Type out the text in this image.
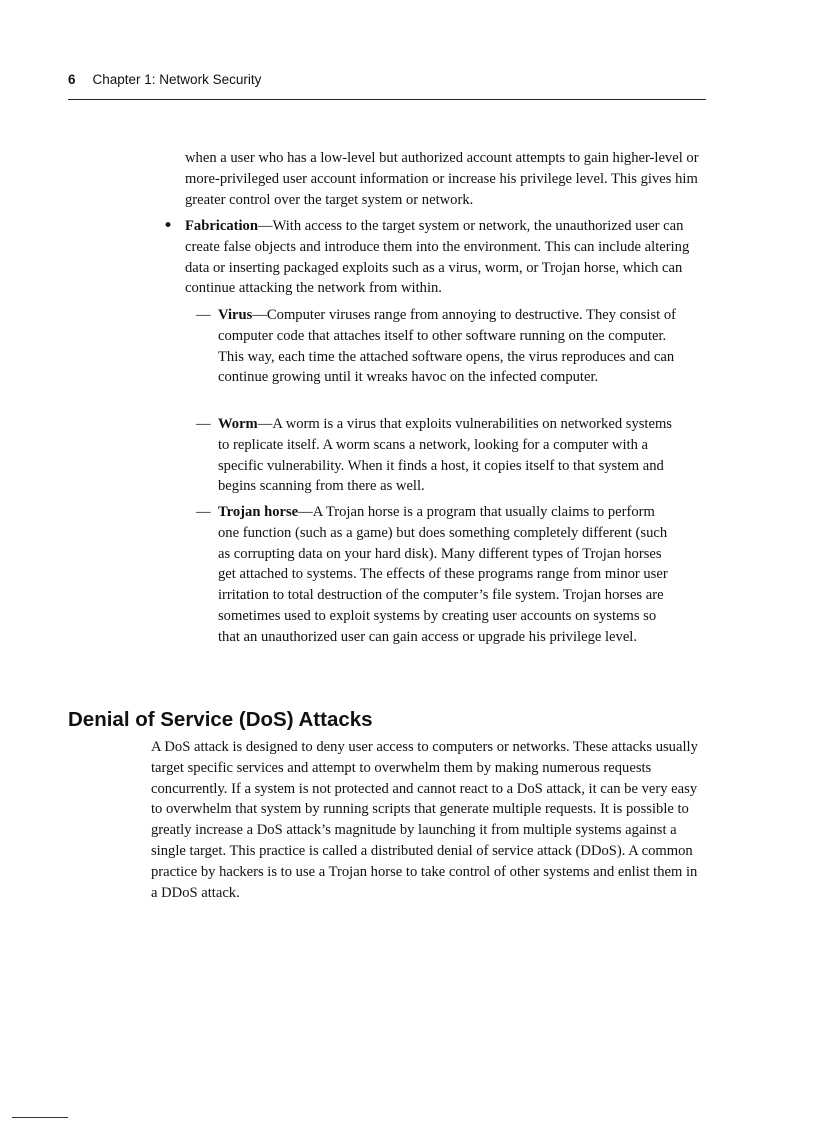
6 Chapter 1: Network Security

when a user who has a low-level but authorized account attempts to gain higher-level or more-privileged user account information or increase his privilege level. This gives him greater control over the target system or network.

• Fabrication—With access to the target system or network, the unauthorized user can create false objects and introduce them into the environment. This can include altering data or inserting packaged exploits such as a virus, worm, or Trojan horse, which can continue attacking the network from within.

— Virus—Computer viruses range from annoying to destructive. They consist of computer code that attaches itself to other software running on the computer. This way, each time the attached software opens, the virus reproduces and can continue growing until it wreaks havoc on the infected computer.

— Worm—A worm is a virus that exploits vulnerabilities on networked systems to replicate itself. A worm scans a network, looking for a computer with a specific vulnerability. When it finds a host, it copies itself to that system and begins scanning from there as well.

— Trojan horse—A Trojan horse is a program that usually claims to perform one function (such as a game) but does something completely different (such as corrupting data on your hard disk). Many different types of Trojan horses get attached to systems. The effects of these programs range from minor user irritation to total destruction of the computer’s file system. Trojan horses are sometimes used to exploit systems by creating user accounts on systems so that an unauthorized user can gain access or upgrade his privilege level.

Denial of Service (DoS) Attacks

A DoS attack is designed to deny user access to computers or networks. These attacks usually target specific services and attempt to overwhelm them by making numerous requests concurrently. If a system is not protected and cannot react to a DoS attack, it can be very easy to overwhelm that system by running scripts that generate multiple requests. It is possible to greatly increase a DoS attack’s magnitude by launching it from multiple systems against a single target. This practice is called a distributed denial of service attack (DDoS). A common practice by hackers is to use a Trojan horse to take control of other systems and enlist them in a DDoS attack.
